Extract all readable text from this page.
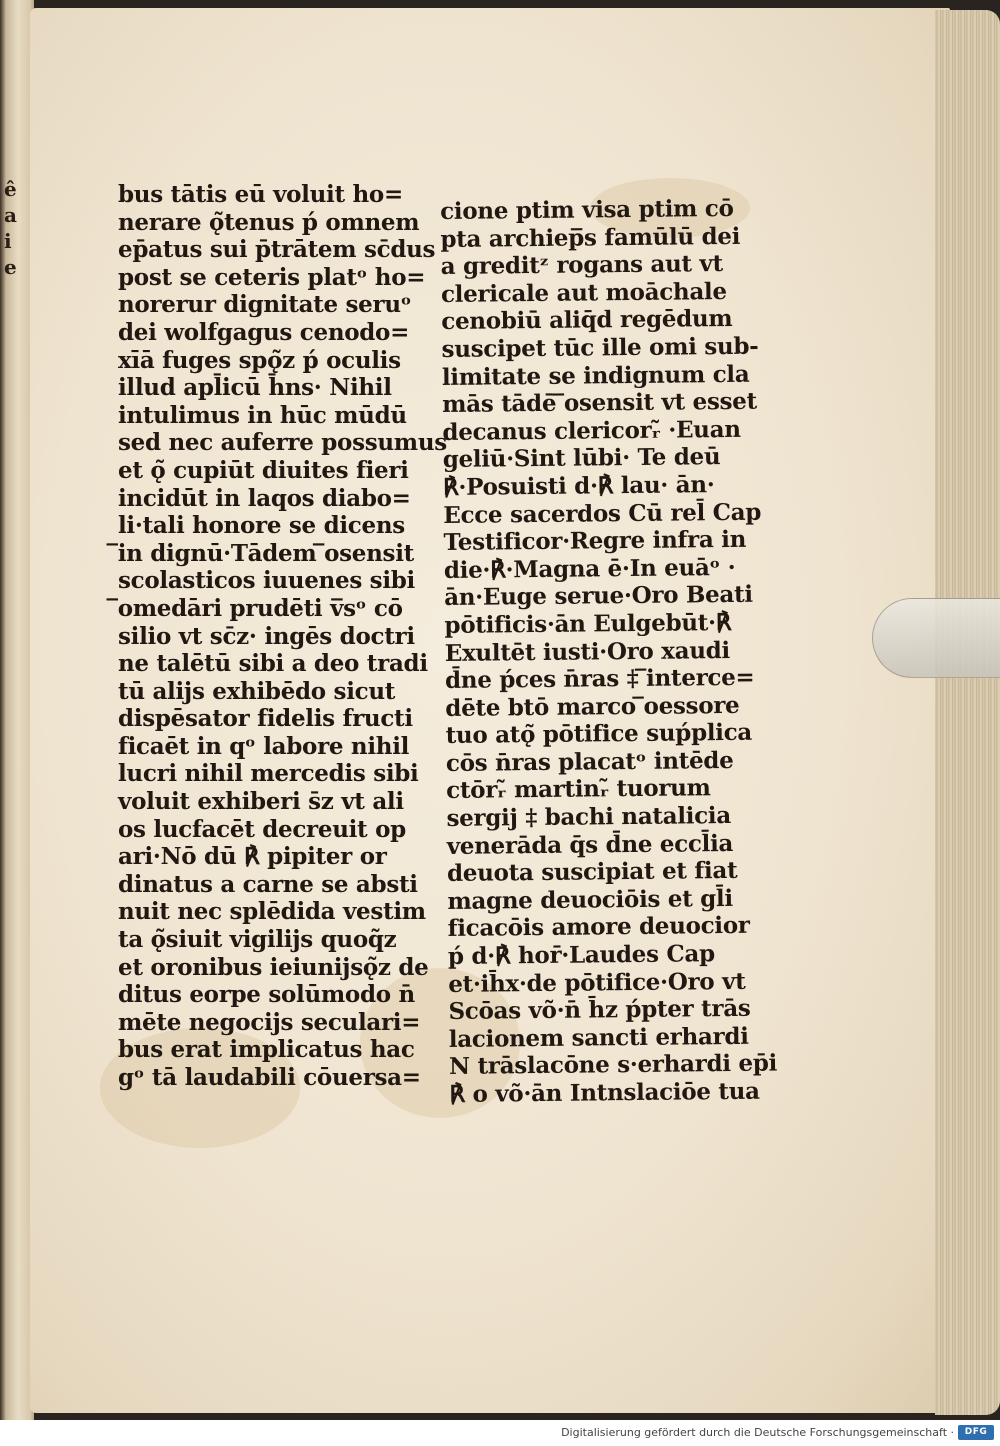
ê
a
i
e
bus tātis eū voluit ho=
nerare ǫ̃tenus ṕ omnem
ep̄atus sui p̄trātem sc̄dus
post se ceteris platᵒ ho=
norerur dignitate seruᵒ
dei wolfgagus cenodo=
xīā fuges spǫ̃z ṕ oculis
illud apl̄icū h̄ns· Nihil
intulimus in hūc mūdū
sed nec auferre possumus
et ǫ̃ cupiūt diuites fieri
incidūt in laqos diabo=
li·tali honore se dicens
̅in dignū·Tādem ̅osensit
scolasticos iuuenes sibi
̅omedāri prudēti v̅sᵒ cō
silio vt sc̄z· ingēs doctri
ne talētū sibi a deo tradi
tū alijs exhibēdo sicut
dispēsator fidelis fructi
ficaēt in qᵒ labore nihil
lucri nihil mercedis sibi
voluit exhiberi s̄z vt ali
os lucfacēt decreuit op
ari·Nō dū ℟ pipiter or
dinatus a carne se absti
nuit nec splēdida vestim
ta ǫ̃siuit vigilijs quoq̃z
et oronibus ieiunijsǫ̃z de
ditus eorpe solūmodo n̄
mēte negocijs seculari=
bus erat implicatus hac
gᵒ tā laudabili cōuersa=
cione ptim visa ptim cō
pta archiep̅s famūlū dei
a greditᶻ rogans aut vt
clericale aut moāchale
cenobiū aliq̄d regēdum
suscipet tūc ille omi sub-
limitate se indignum cla
mās tādē ̅osensit vt esset
decanus clericorᵣ̃ ·Euan
geliū·Sint lūbi· Te deū
℟·Posuisti d·℟ lau· ān·
Ecce sacerdos Cū rel̄ Cap
Testificor·Regre infra in
die·℟·Magna ē·In euāᵒ ·
ān·Euge serue·Oro Beati
pōtificis·ān Eulgebūt·℟
Exultēt iusti·Oro xaudi
d̄ne ṕces n̄ras ‡ ̅interce=
dēte btō marco ̅oessore
tuo atǫ̃ pōtifice suṕplica
cōs n̄ras placatᵒ intēde
ctōrᵣ̃ martinᵣ̃ tuorum
sergij ‡ bachi natalicia
venerāda q̄s d̄ne eccl̄ia
deuota suscipiat et fiat
magne deuociōis et gl̄i
ficacōis amore deuocior
ṕ d·℟ hor̄·Laudes Cap
et·ih̄x·de pōtifice·Oro vt
Scōas võ·n̄ h̄z ṕpter trās
lacionem sancti erhardi
N trāslacōne s·erhardi ep̄i
℟ o võ·ān Intnslaciōe tua
Digitalisierung gefördert durch die Deutsche Forschungsgemeinschaft ·	DFG
